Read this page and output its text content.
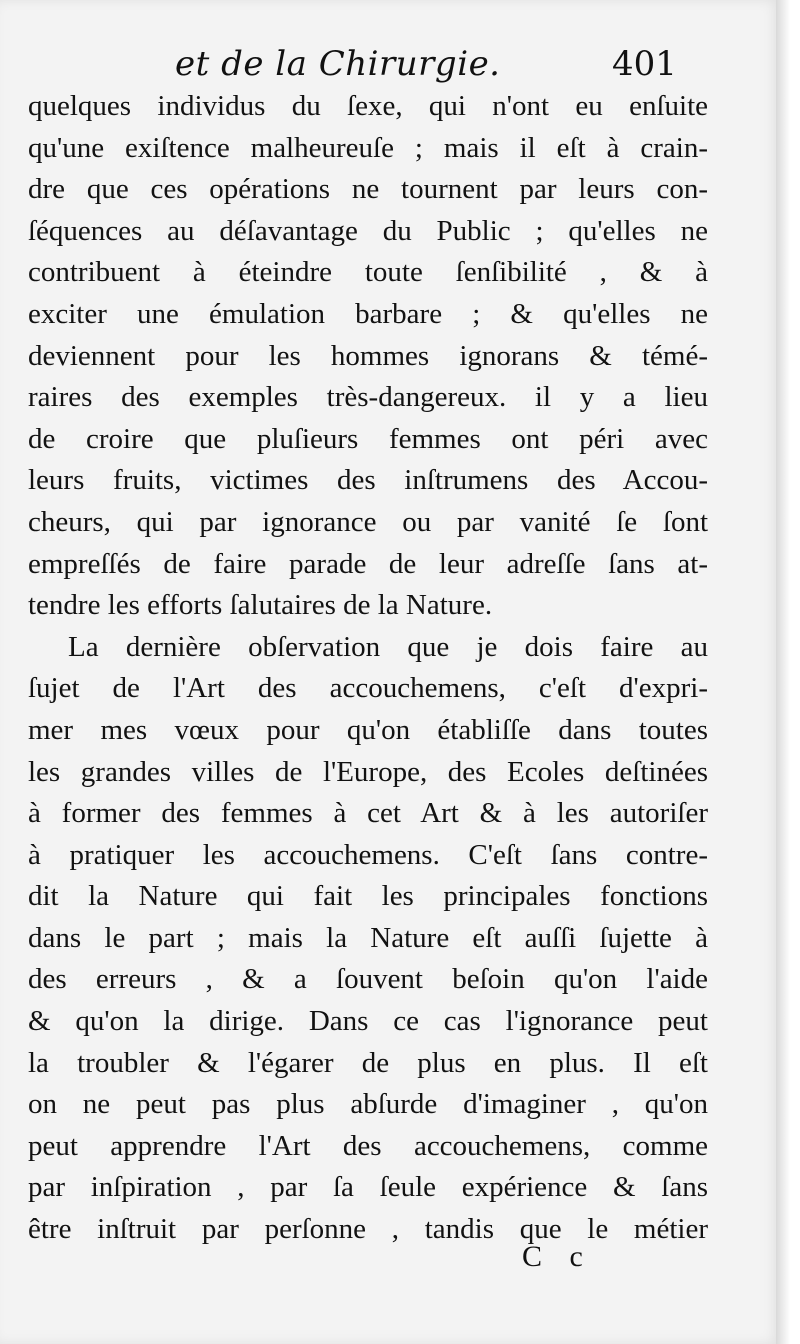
et de la Chirurgie.	401
quelques individus du ſexe, qui n'ont eu enſuite
qu'une exiſtence malheureuſe ; mais il eſt à crain-
dre que ces opérations ne tournent par leurs con-
ſéquences au déſavantage du Public ; qu'elles ne
contribuent à éteindre toute ſenſibilité , & à
exciter une émulation barbare ; & qu'elles ne
deviennent pour les hommes ignorans & témé-
raires des exemples très-dangereux. il y a lieu
de croire que pluſieurs femmes ont péri avec
leurs fruits, victimes des inſtrumens des Accou-
cheurs, qui par ignorance ou par vanité ſe ſont
empreſſés de faire parade de leur adreſſe ſans at-
tendre les efforts ſalutaires de la Nature.
La dernière obſervation que je dois faire au
ſujet de l'Art des accouchemens, c'eſt d'expri-
mer mes vœux pour qu'on établiſſe dans toutes
les grandes villes de l'Europe, des Ecoles deſtinées
à former des femmes à cet Art & à les autoriſer
à pratiquer les accouchemens. C'eſt ſans contre-
dit la Nature qui fait les principales fonctions
dans le part ; mais la Nature eſt auſſi ſujette à
des erreurs , & a ſouvent beſoin qu'on l'aide
& qu'on la dirige. Dans ce cas l'ignorance peut
la troubler & l'égarer de plus en plus. Il eſt
on ne peut pas plus abſurde d'imaginer , qu'on
peut apprendre l'Art des accouchemens, comme
par inſpiration , par ſa ſeule expérience & ſans
être inſtruit par perſonne , tandis que le métier
C c
